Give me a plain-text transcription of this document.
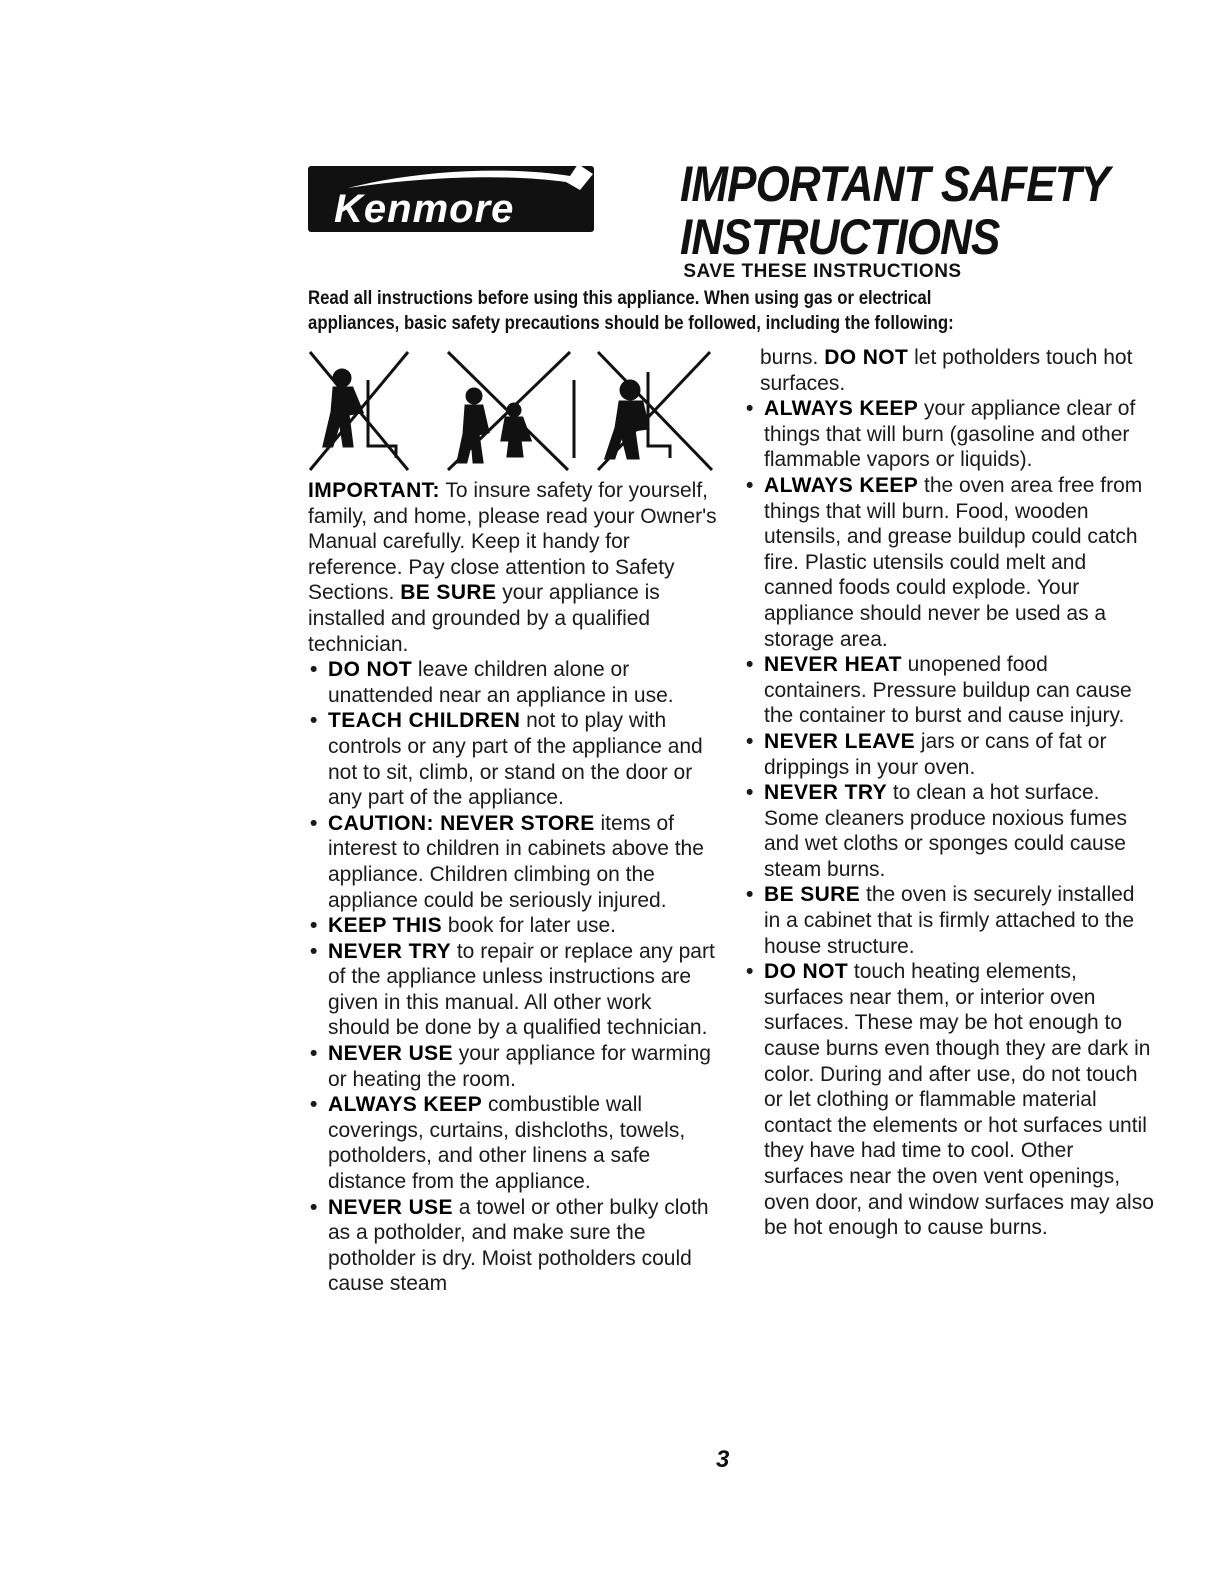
Kenmore	IMPORTANT SAFETY
INSTRUCTIONS
SAVE THESE INSTRUCTIONS
Read all instructions before using this appliance. When using gas or electrical
appliances, basic safety precautions should be followed, including the following:

IMPORTANT: To insure safety for yourself, family, and home, please read your Owner's Manual carefully. Keep it handy for reference. Pay close attention to Safety Sections. BE SURE your appliance is installed and grounded by a qualified technician.

• DO NOT leave children alone or unattended near an appliance in use.

• TEACH CHILDREN not to play with controls or any part of the appliance and not to sit, climb, or stand on the door or any part of the appliance.

• CAUTION: NEVER STORE items of interest to children in cabinets above the appliance. Children climbing on the appliance could be seriously injured.

• KEEP THIS book for later use.

• NEVER TRY to repair or replace any part of the appliance unless instructions are given in this manual. All other work should be done by a qualified technician.

• NEVER USE your appliance for warming or heating the room.

• ALWAYS KEEP combustible wall coverings, curtains, dishcloths, towels, potholders, and other linens a safe distance from the appliance.

• NEVER USE a towel or other bulky cloth as a potholder, and make sure the potholder is dry. Moist potholders could cause steam

burns. DO NOT let potholders touch hot surfaces.

• ALWAYS KEEP your appliance clear of things that will burn (gasoline and other flammable vapors or liquids).

• ALWAYS KEEP the oven area free from things that will burn. Food, wooden utensils, and grease buildup could catch fire. Plastic utensils could melt and canned foods could explode. Your appliance should never be used as a storage area.

• NEVER HEAT unopened food containers. Pressure buildup can cause the container to burst and cause injury.

• NEVER LEAVE jars or cans of fat or drippings in your oven.

• NEVER TRY to clean a hot surface. Some cleaners produce noxious fumes and wet cloths or sponges could cause steam burns.

• BE SURE the oven is securely installed in a cabinet that is firmly attached to the house structure.

• DO NOT touch heating elements, surfaces near them, or interior oven surfaces. These may be hot enough to cause burns even though they are dark in color. During and after use, do not touch or let clothing or flammable material contact the elements or hot surfaces until they have had time to cool. Other surfaces near the oven vent openings, oven door, and window surfaces may also be hot enough to cause burns.

3
